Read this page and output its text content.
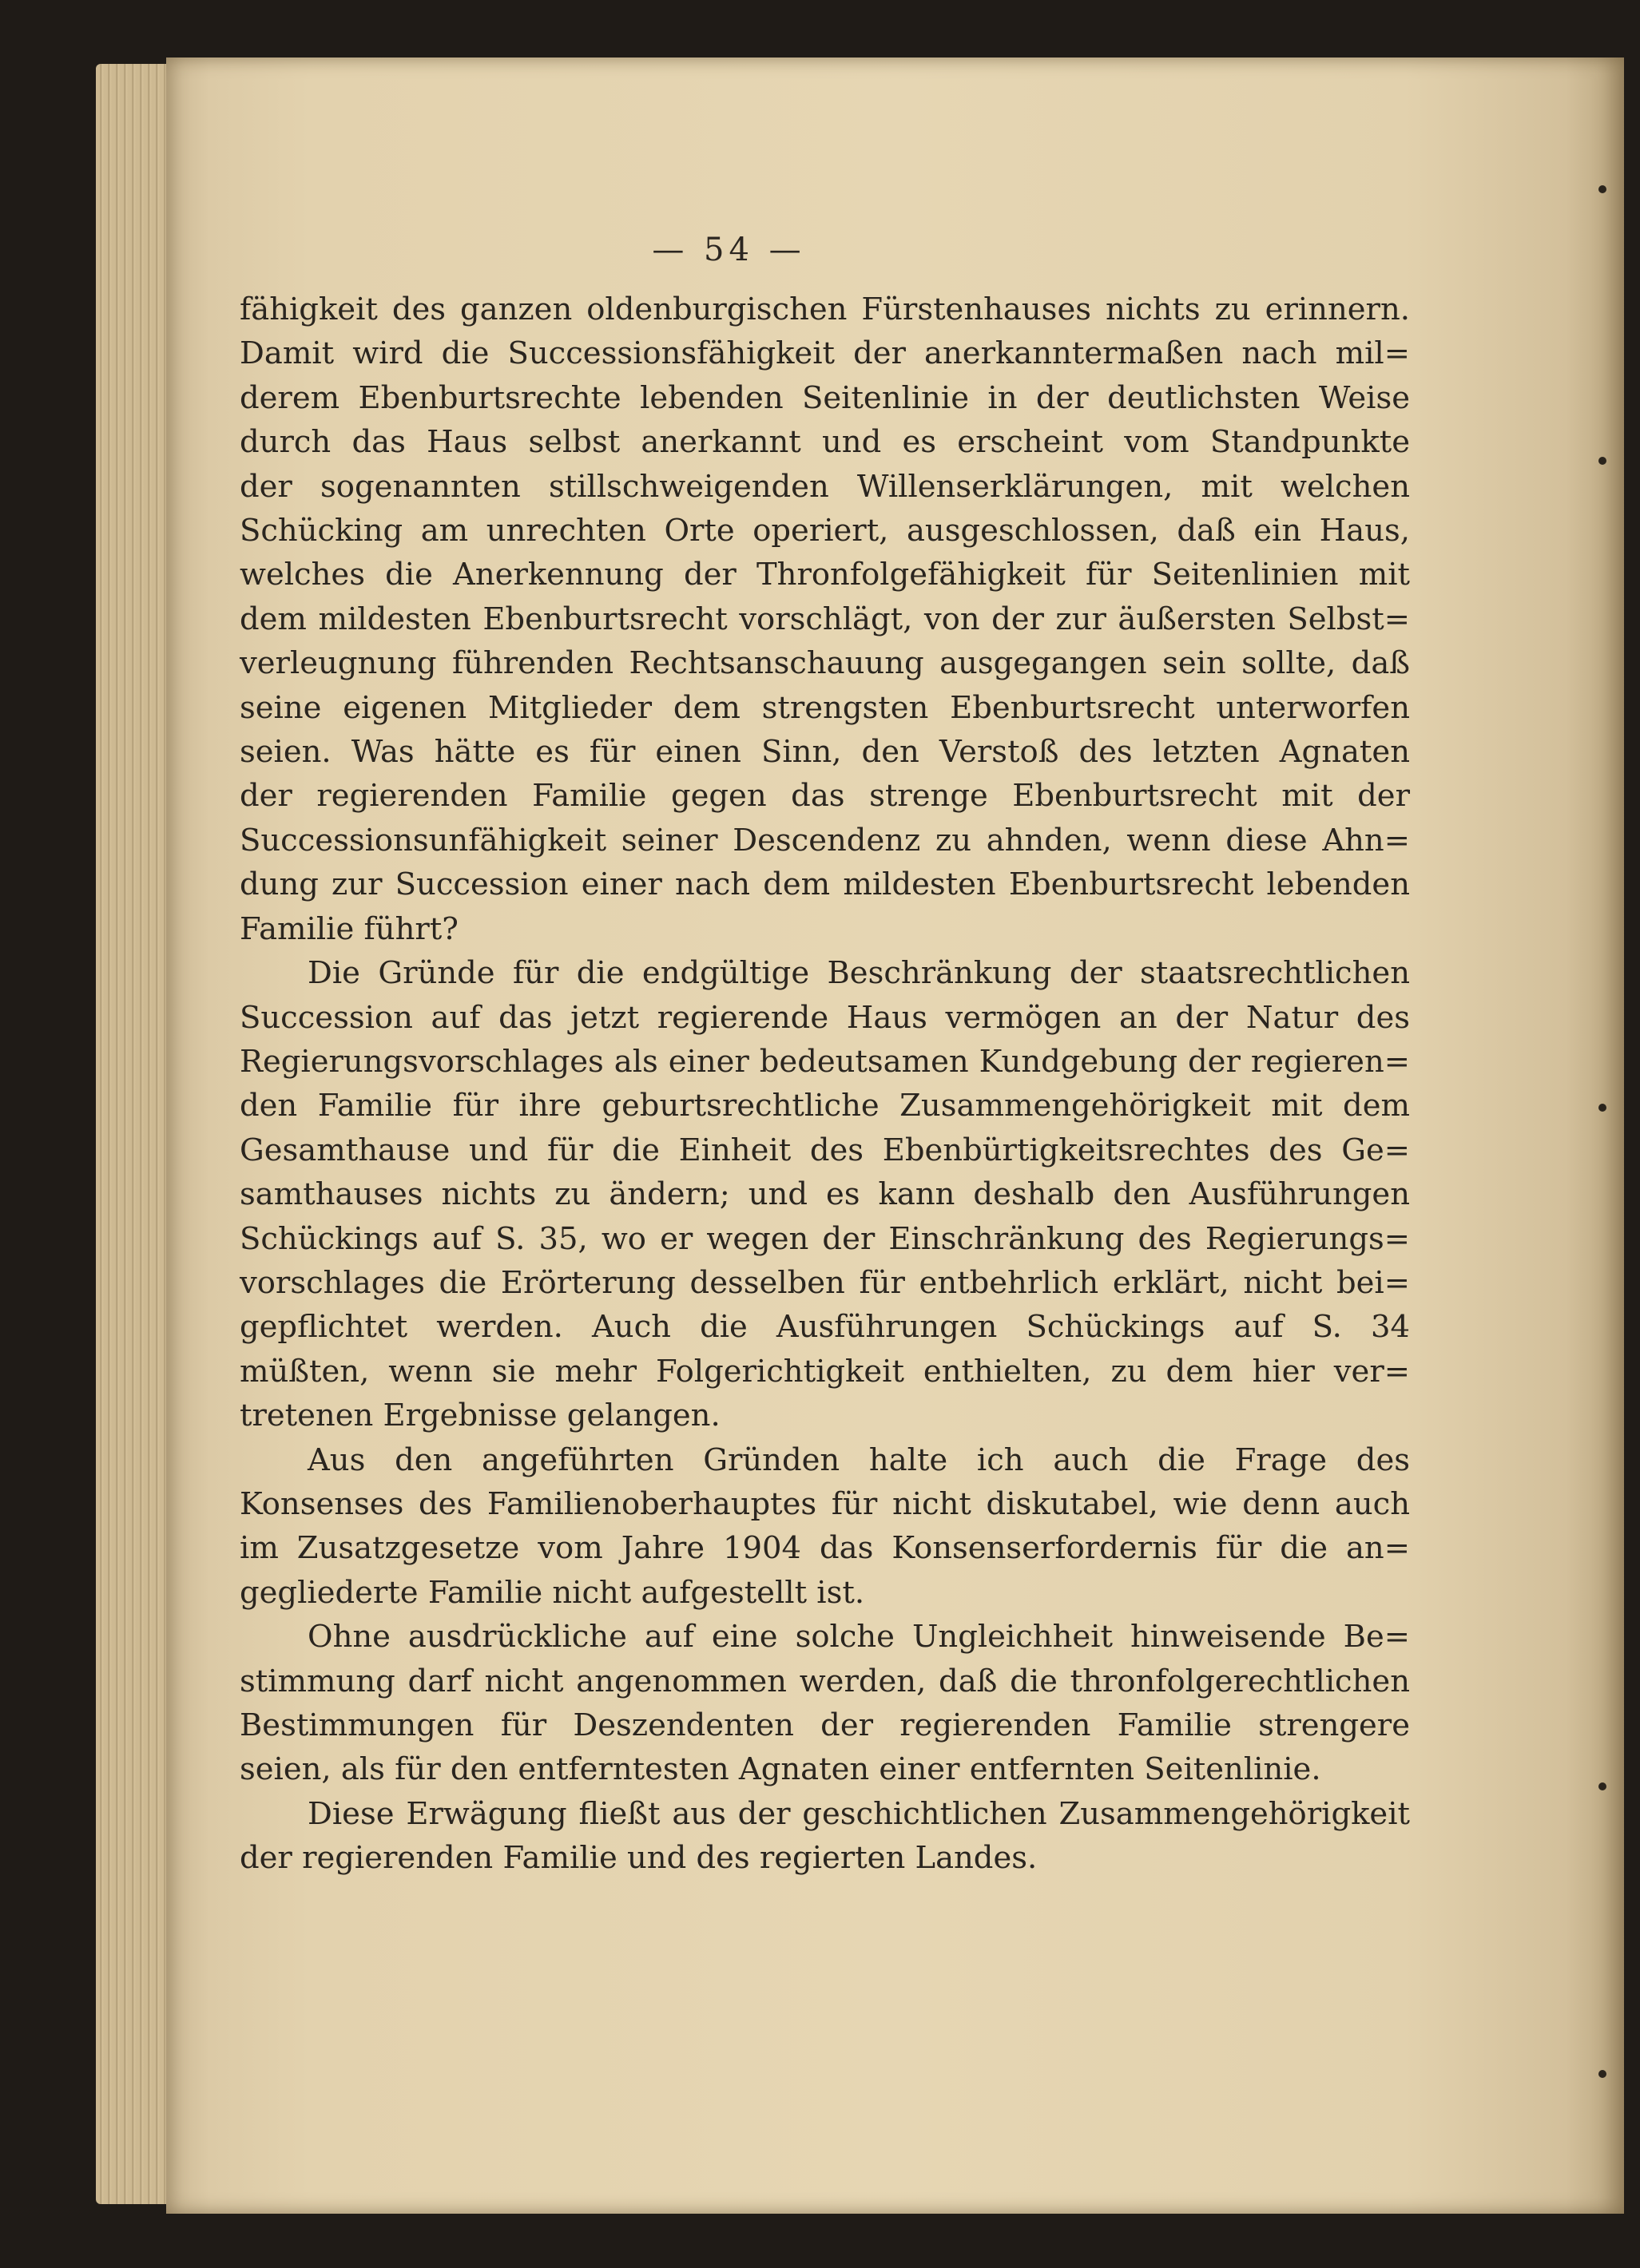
— 54 —

fähigkeit des ganzen oldenburgischen Fürstenhauses nichts zu erinnern.
Damit wird die Successionsfähigkeit der anerkanntermaßen nach mil=
derem Ebenburtsrechte lebenden Seitenlinie in der deutlichsten Weise
durch das Haus selbst anerkannt und es erscheint vom Standpunkte
der sogenannten stillschweigenden Willenserklärungen, mit welchen
Schücking am unrechten Orte operiert, ausgeschlossen, daß ein Haus,
welches die Anerkennung der Thronfolgefähigkeit für Seitenlinien mit
dem mildesten Ebenburtsrecht vorschlägt, von der zur äußersten Selbst=
verleugnung führenden Rechtsanschauung ausgegangen sein sollte, daß
seine eigenen Mitglieder dem strengsten Ebenburtsrecht unterworfen
seien. Was hätte es für einen Sinn, den Verstoß des letzten Agnaten
der regierenden Familie gegen das strenge Ebenburtsrecht mit der
Successionsunfähigkeit seiner Descendenz zu ahnden, wenn diese Ahn=
dung zur Succession einer nach dem mildesten Ebenburtsrecht lebenden
Familie führt?

Die Gründe für die endgültige Beschränkung der staatsrechtlichen
Succession auf das jetzt regierende Haus vermögen an der Natur des
Regierungsvorschlages als einer bedeutsamen Kundgebung der regieren=
den Familie für ihre geburtsrechtliche Zusammengehörigkeit mit dem
Gesamthause und für die Einheit des Ebenbürtigkeitsrechtes des Ge=
samthauses nichts zu ändern; und es kann deshalb den Ausführungen
Schückings auf S. 35, wo er wegen der Einschränkung des Regierungs=
vorschlages die Erörterung desselben für entbehrlich erklärt, nicht bei=
gepflichtet werden. Auch die Ausführungen Schückings auf S. 34
müßten, wenn sie mehr Folgerichtigkeit enthielten, zu dem hier ver=
tretenen Ergebnisse gelangen.

Aus den angeführten Gründen halte ich auch die Frage des
Konsenses des Familienoberhauptes für nicht diskutabel, wie denn auch
im Zusatzgesetze vom Jahre 1904 das Konsenserfordernis für die an=
gegliederte Familie nicht aufgestellt ist.

Ohne ausdrückliche auf eine solche Ungleichheit hinweisende Be=
stimmung darf nicht angenommen werden, daß die thronfolgerechtlichen
Bestimmungen für Deszendenten der regierenden Familie strengere
seien, als für den entferntesten Agnaten einer entfernten Seitenlinie.

Diese Erwägung fließt aus der geschichtlichen Zusammengehörigkeit
der regierenden Familie und des regierten Landes.
